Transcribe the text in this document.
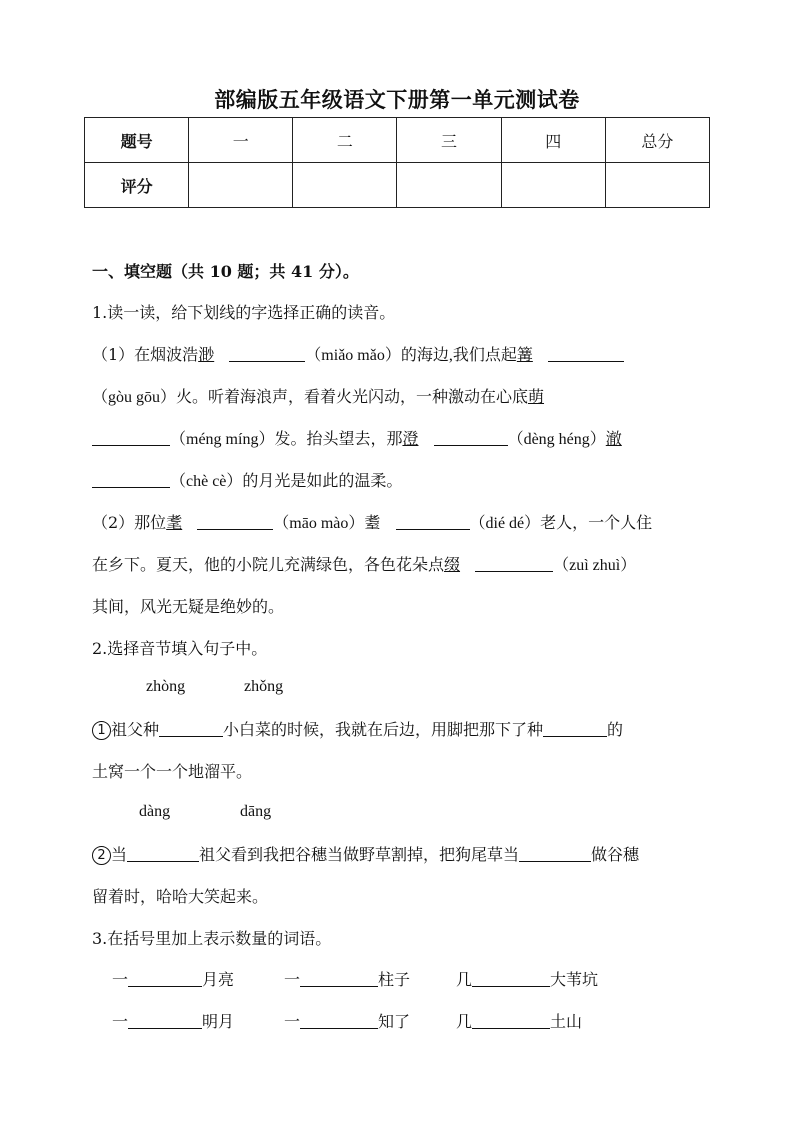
部编版五年级语文下册第一单元测试卷
题号	一	二	三	四	总分
评分					
一、填空题（共 10 题；共 41 分）。
1.读一读，给下划线的字选择正确的读音。
（1）在烟波浩渺	（miǎo mǎo）的海边,我们点起篝
（gòu gōu）火。听着海浪声，看着火光闪动，一种激动在心底萌
（méng míng）发。抬头望去，那澄	（dèng héng）澈
（chè cè）的月光是如此的温柔。
（2）那位耄	（māo mào）耋	（dié dé）老人，一个人住
在乡下。夏天，他的小院儿充满绿色，各色花朵点缀	（zuì zhuì）
其间，风光无疑是绝妙的。
2.选择音节填入句子中。
zhòng	zhǒng
1 祖父种	小白菜的时候，我就在后边，用脚把那下了种	的
土窝一个一个地溜平。
dàng	dāng
2 当	祖父看到我把谷穗当做野草割掉，把狗尾草当	做谷穗
留着时，哈哈大笑起来。
3.在括号里加上表示数量的词语。
一	月亮	一	柱子	几	大苇坑
一	明月	一	知了	几	土山
